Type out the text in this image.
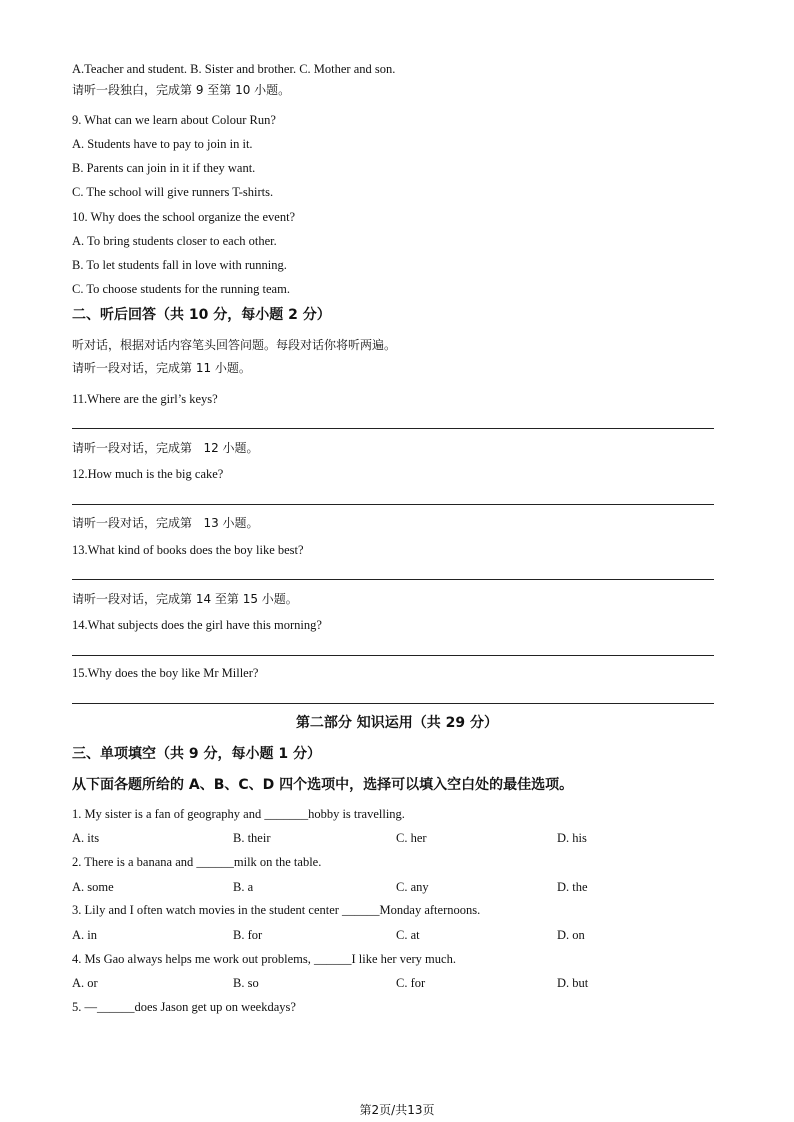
A.Teacher and student. B. Sister and brother. C. Mother and son.
请听一段独白，完成第 9 至第 10 小题。
9. What can we learn about Colour Run?
A. Students have to pay to join in it.
B. Parents can join in it if they want.
C. The school will give runners T-shirts.
10. Why does the school organize the event?
A. To bring students closer to each other.
B. To let students fall in love with running.
C. To choose students for the running team.
二、听后回答（共 10 分，每小题 2 分）
听对话，根据对话内容笔头回答问题。每段对话你将听两遍。
请听一段对话，完成第 11 小题。
11.Where are the girl’s keys?
请听一段对话，完成第   12 小题。
12.How much is the big cake?
请听一段对话，完成第   13 小题。
13.What kind of books does the boy like best?
请听一段对话，完成第 14 至第 15 小题。
14.What subjects does the girl have this morning?
15.Why does the boy like Mr Miller?
第二部分 知识运用（共 29 分）
三、单项填空（共 9 分，每小题 1 分）
从下面各题所给的 A、B、C、D 四个选项中，选择可以填入空白处的最佳选项。
1. My sister is a fan of geography and _______hobby is travelling.
A. its	B. their	C. her	D. his
2. There is a banana and ______milk on the table.
A. some	B. a	C. any	D. the
3. Lily and I often watch movies in the student center ______Monday afternoons.
A. in	B. for	C. at	D. on
4. Ms Gao always helps me work out problems, ______I like her very much.
A. or	B. so	C. for	D. but
5. —______does Jason get up on weekdays?
第2页/共13页
